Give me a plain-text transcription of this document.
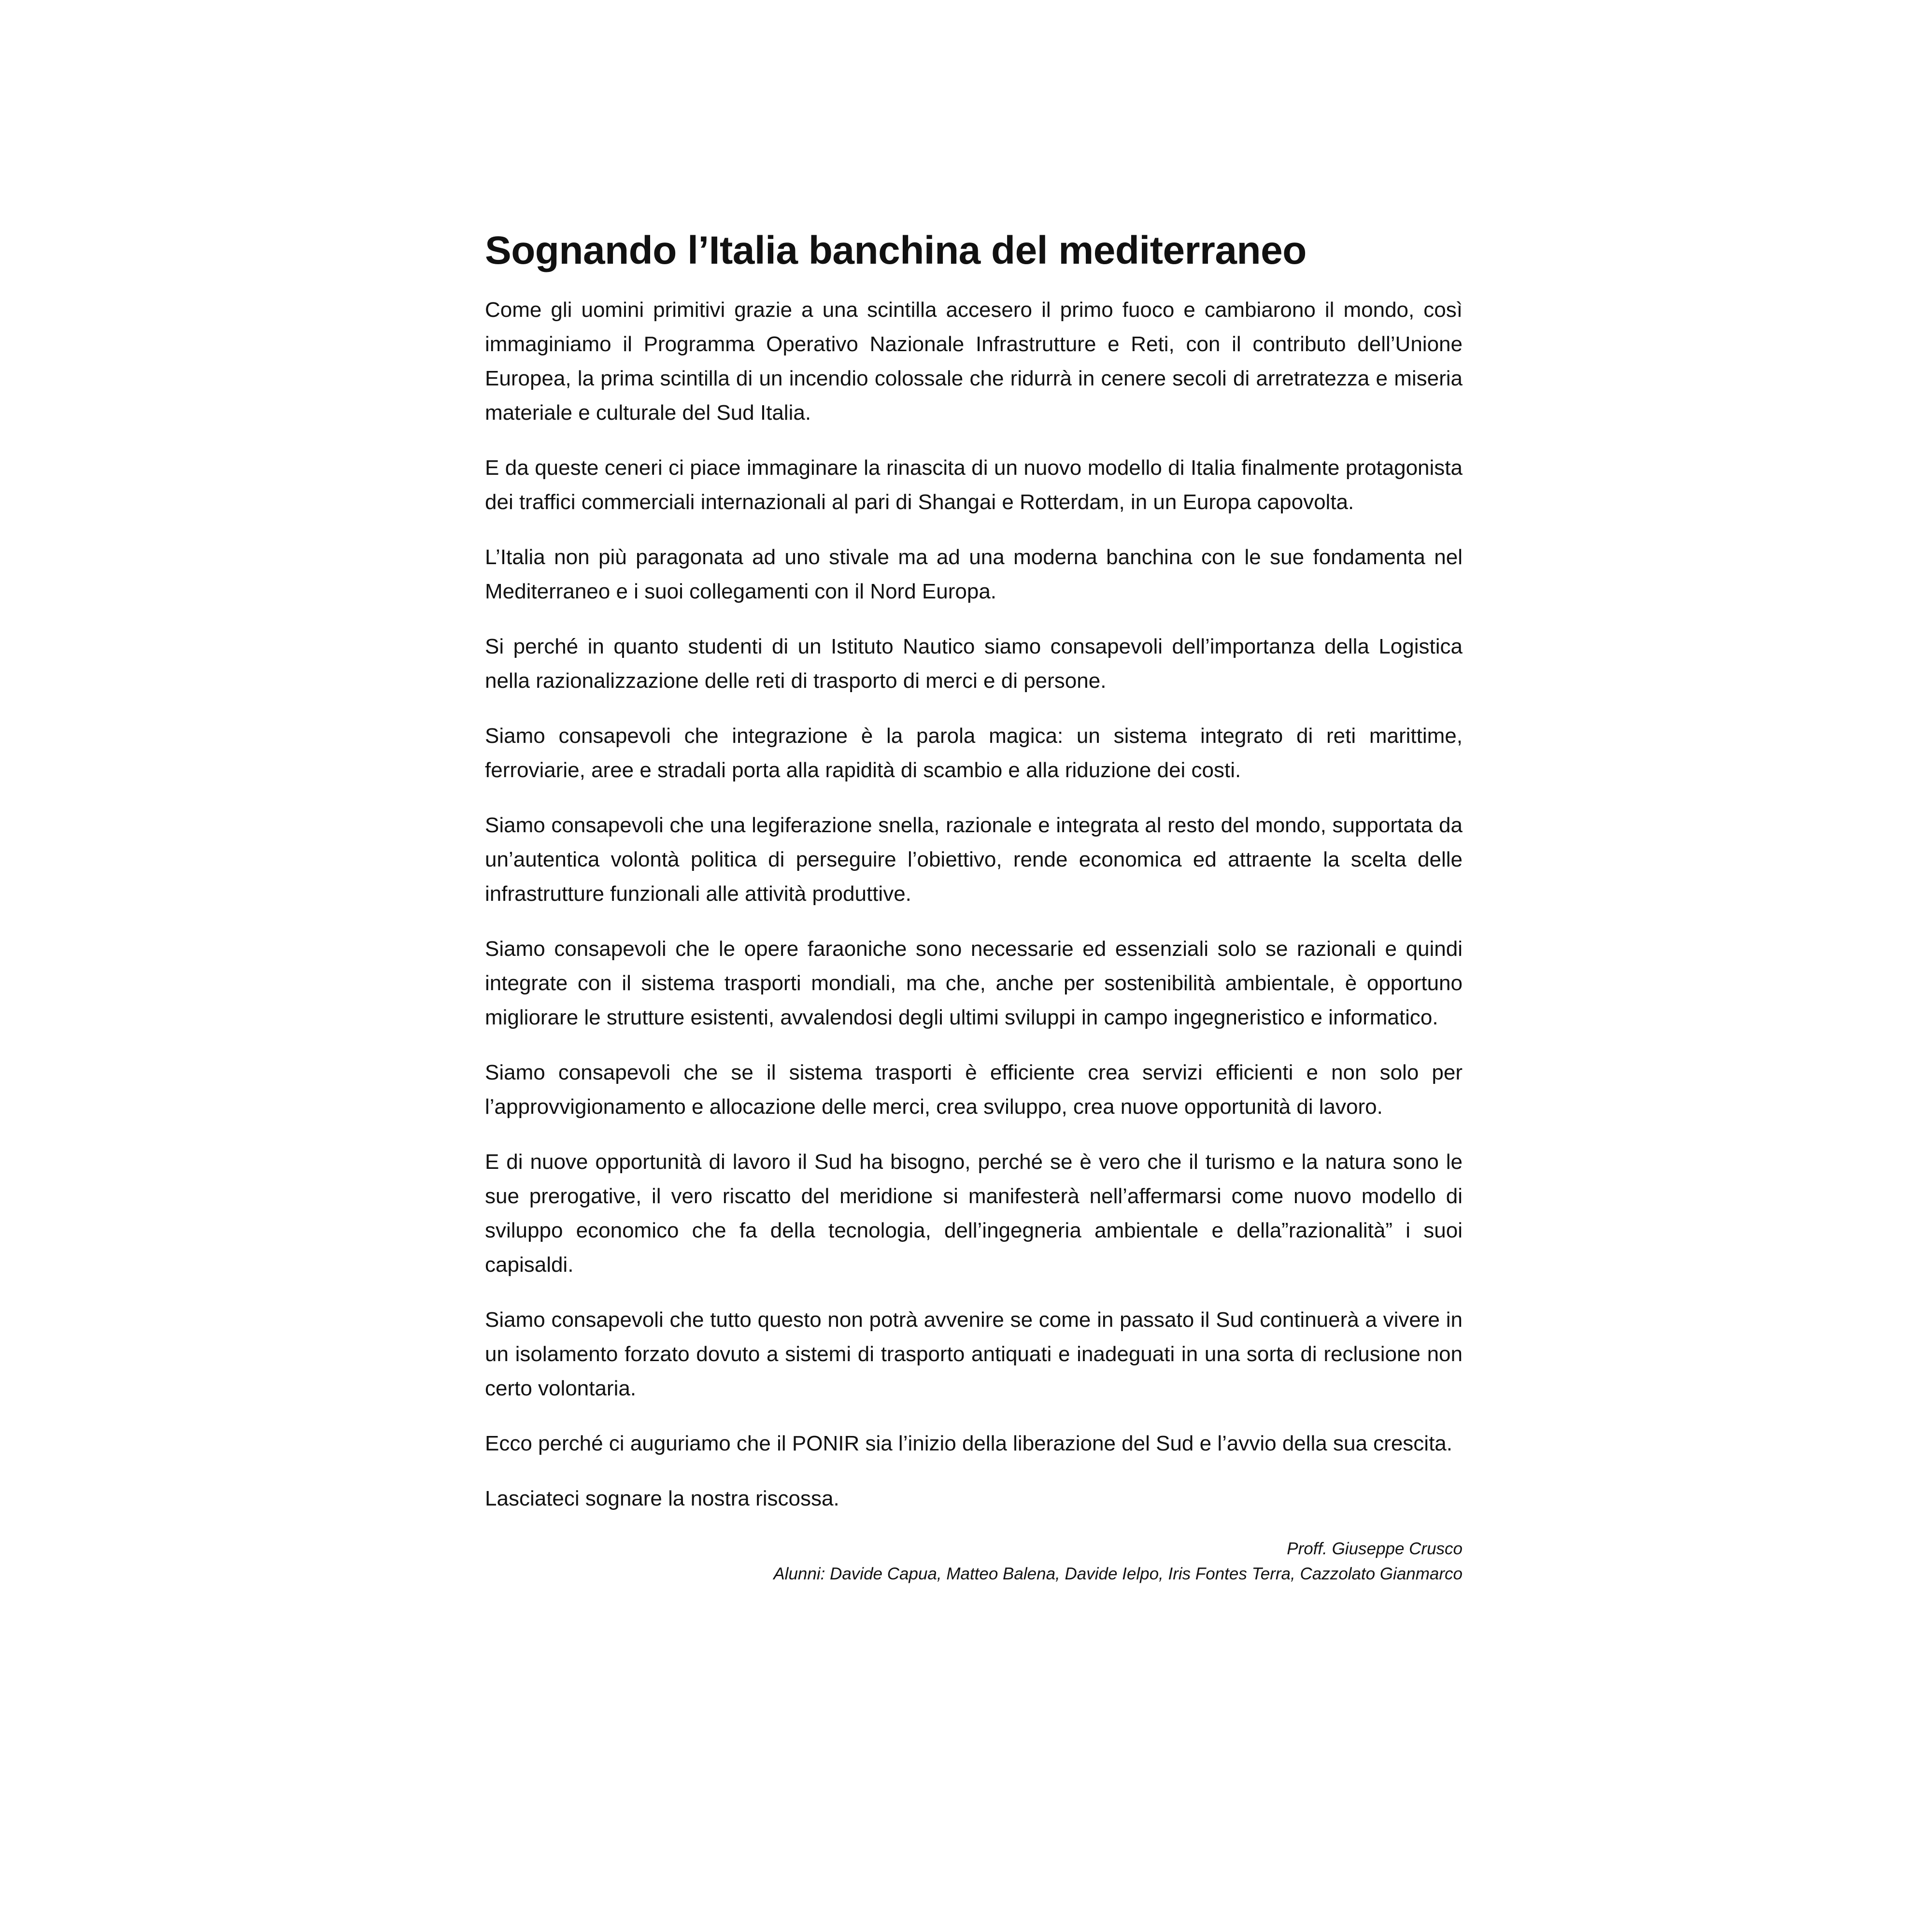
Sognando l’Italia banchina del mediterraneo

Come gli uomini primitivi grazie a una scintilla accesero il primo fuoco e cambiarono il mondo, così immaginiamo il Programma Operativo Nazionale Infrastrutture e Reti, con il contributo dell’Unione Europea, la prima scintilla di un incendio colossale che ridurrà in cenere secoli di arretratezza e miseria materiale e culturale del Sud Italia.

E da queste ceneri ci piace immaginare la rinascita di un nuovo modello di Italia finalmente protagonista dei traffici commerciali internazionali al pari di Shangai e Rotterdam, in un Europa capovolta.

L’Italia non più paragonata ad uno stivale ma ad una moderna banchina con le sue fondamenta nel Mediterraneo e i suoi collegamenti con il Nord Europa.

Si perché in quanto studenti di un Istituto Nautico siamo consapevoli dell’importanza della Logistica nella razionalizzazione delle reti di trasporto di merci e di persone.

Siamo consapevoli che integrazione è la parola magica: un sistema integrato di reti marittime, ferroviarie, aree e stradali porta alla rapidità di scambio e alla riduzione dei costi.

Siamo consapevoli che una legiferazione snella, razionale e integrata al resto del mondo, supportata da un’autentica volontà politica di perseguire l’obiettivo, rende economica ed attraente la scelta delle infrastrutture funzionali alle attività produttive.

Siamo consapevoli che le opere faraoniche sono necessarie ed essenziali solo se razionali e quindi integrate con il sistema trasporti mondiali, ma che, anche per sostenibilità ambientale, è opportuno migliorare le strutture esistenti, avvalendosi degli ultimi sviluppi in campo ingegneristico e informatico.

Siamo consapevoli che se il sistema trasporti è efficiente crea servizi efficienti e non solo per l’approvvigionamento e allocazione delle merci, crea sviluppo, crea nuove opportunità di lavoro.

E di nuove opportunità di lavoro il Sud ha bisogno, perché se è vero che il turismo e la natura sono le sue prerogative, il vero riscatto del meridione si manifesterà nell’affermarsi come nuovo modello di sviluppo economico che fa della tecnologia, dell’ingegneria ambientale e della”razionalità” i suoi capisaldi.

Siamo consapevoli che tutto questo non potrà avvenire se come in passato il Sud continuerà a vivere in un isolamento forzato dovuto a sistemi di trasporto antiquati e inadeguati in una sorta di reclusione non certo volontaria.

Ecco perché ci auguriamo che il PONIR sia l’inizio della liberazione del Sud e l’avvio della sua crescita.

Lasciateci sognare la nostra riscossa.

Proff. Giuseppe Crusco
Alunni: Davide Capua, Matteo Balena, Davide Ielpo, Iris Fontes Terra, Cazzolato Gianmarco
